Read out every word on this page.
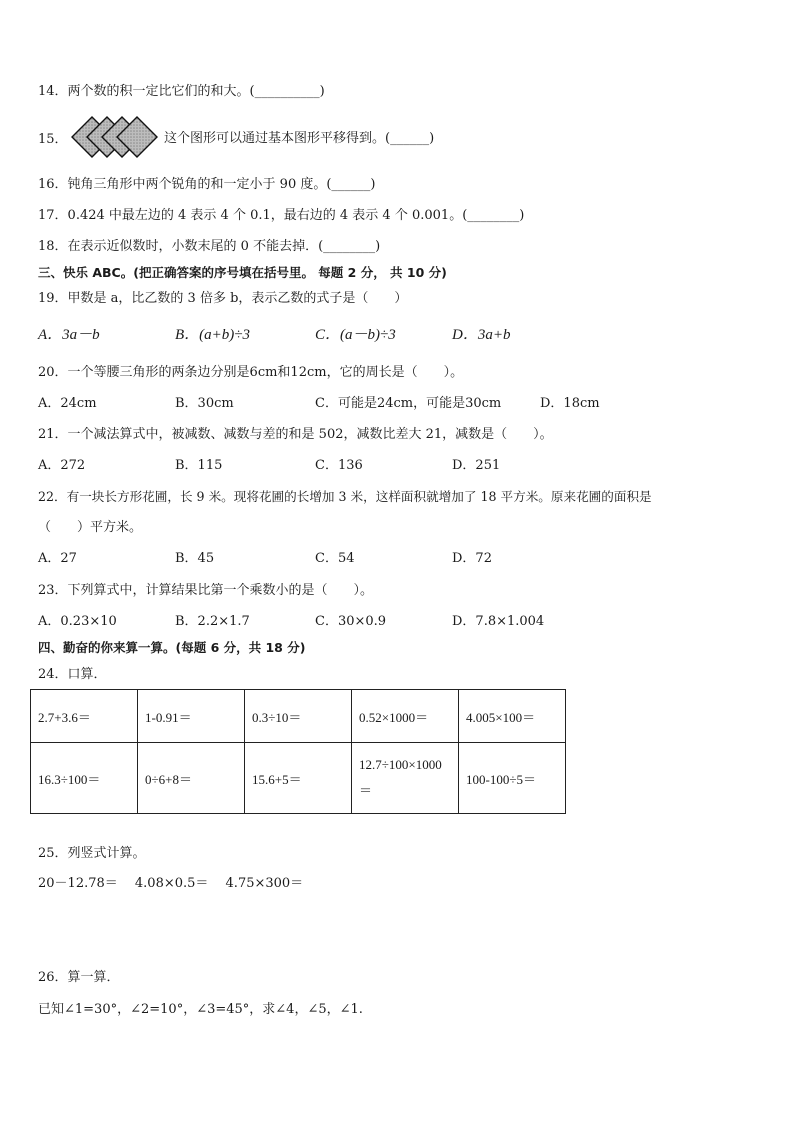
14．两个数的积一定比它们的和大。(__________)
15．	这个图形可以通过基本图形平移得到。(______)
16．钝角三角形中两个锐角的和一定小于 90 度。(______)
17．0.424 中最左边的 4 表示 4 个 0.1，最右边的 4 表示 4 个 0.001。(________)
18．在表示近似数时，小数末尾的 0 不能去掉．(________)
三、快乐 ABC。(把正确答案的序号填在括号里。 每题 2 分， 共 10 分)
19．甲数是 a，比乙数的 3 倍多 b，表示乙数的式子是（　　）
A．3a－b	B．(a+b)÷3	C．(a－b)÷3	D．3a+b
20．一个等腰三角形的两条边分别是6cm和12cm，它的周长是（　　）。
A．24cm	B．30cm	C．可能是24cm，可能是30cm	D．18cm
21．一个减法算式中，被减数、减数与差的和是 502，减数比差大 21，减数是（　　）。
A．272	B．115	C．136	D．251
22．有一块长方形花圃，长 9 米。现将花圃的长增加 3 米，这样面积就增加了 18 平方米。原来花圃的面积是
（　　）平方米。
A．27	B．45	C．54	D．72
23．下列算式中，计算结果比第一个乘数小的是（　　）。
A．0.23×10	B．2.2×1.7	C．30×0.9	D．7.8×1.004
四、勤奋的你来算一算。(每题 6 分，共 18 分)
24．口算．
2.7+3.6＝	1-0.91＝	0.3÷10＝	0.52×1000＝	4.005×100＝
16.3÷100＝	0÷6+8＝	15.6+5＝	12.7÷100×1000＝	100-100÷5＝
25．列竖式计算。
20－12.78＝　 4.08×0.5＝　 4.75×300＝
26．算一算．
已知∠1=30°，∠2=10°，∠3=45°，求∠4，∠5，∠1.
